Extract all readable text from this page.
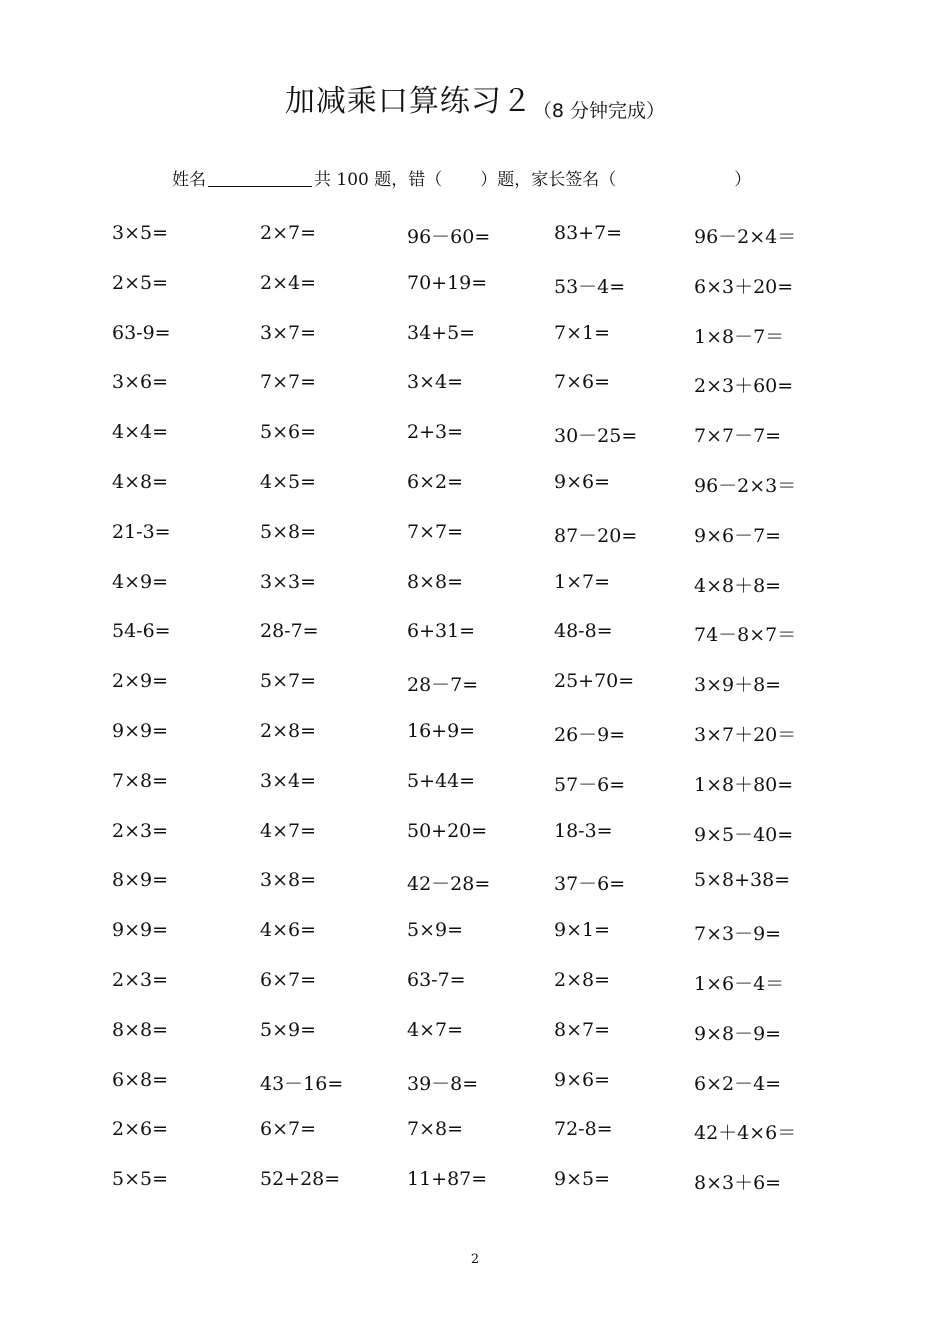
加减乘口算练习２（8 分钟完成）
姓名	共 100 题，错（ ）题，家长签名（	）
3×5=	2×7=	96－60=	83+7=	96－2×4＝
2×5=	2×4=	70+19=	53－4=	6×3＋20=
63-9=	3×7=	34+5=	7×1=	1×8－7＝
3×6=	7×7=	3×4=	7×6=	2×3＋60=
4×4=	5×6=	2+3=	30－25=	7×7－7=
4×8=	4×5=	6×2=	9×6=	96－2×3＝
21-3=	5×8=	7×7=	87－20=	9×6－7=
4×9=	3×3=	8×8=	1×7=	4×8＋8=
54-6=	28-7=	6+31=	48-8=	74－8×7＝
2×9=	5×7=	28－7=	25+70=	3×9＋8=
9×9=	2×8=	16+9=	26－9=	3×7＋20＝
7×8=	3×4=	5+44=	57－6=	1×8＋80=
2×3=	4×7=	50+20=	18-3=	9×5－40=
8×9=	3×8=	42－28=	37－6=	5×8+38=
9×9=	4×6=	5×9=	9×1=	7×3－9=
2×3=	6×7=	63-7=	2×8=	1×6－4＝
8×8=	5×9=	4×7=	8×7=	9×8－9=
6×8=	43－16=	39－8=	9×6=	6×2－4=
2×6=	6×7=	7×8=	72-8=	42＋4×6＝
5×5=	52+28=	11+87=	9×5=	8×3＋6=
2
